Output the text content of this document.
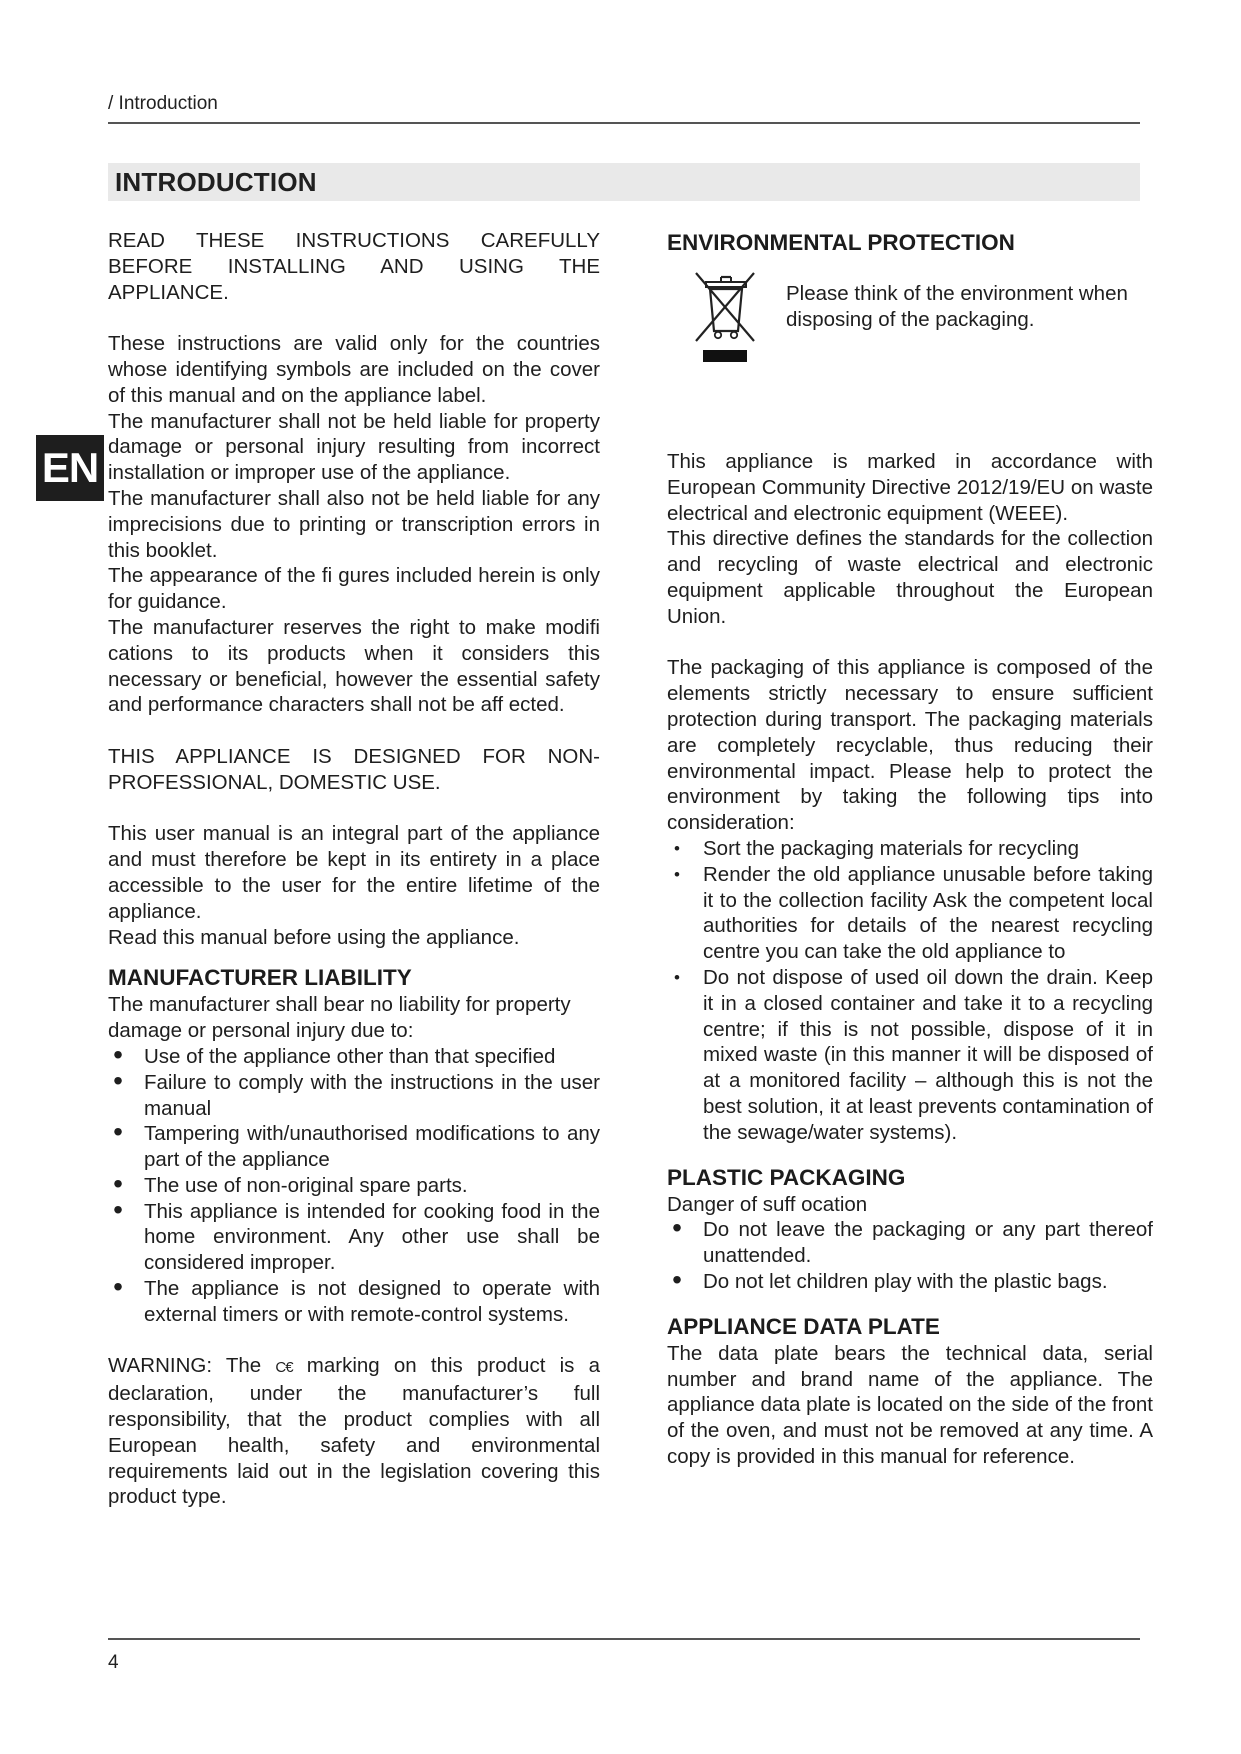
/ Introduction
INTRODUCTION
EN

READ THESE INSTRUCTIONS CAREFULLY BEFORE INSTALLING AND USING THE APPLIANCE.

These instructions are valid only for the countries whose identifying symbols are included on the cover of this manual and on the appliance label.

The manufacturer shall not be held liable for property damage or personal injury resulting from incorrect installation or improper use of the appliance.

The manufacturer shall also not be held liable for any imprecisions due to printing or transcription errors in this booklet.

The appearance of the fi gures included herein is only for guidance.

The manufacturer reserves the right to make modifi cations to its products when it considers this necessary or beneficial, however the essential safety and performance characters shall not be aff ected.

THIS APPLIANCE IS DESIGNED FOR NON-PROFESSIONAL, DOMESTIC USE.

This user manual is an integral part of the appliance and must therefore be kept in its entirety in a place accessible to the user for the entire lifetime of the appliance.

Read this manual before using the appliance.

MANUFACTURER LIABILITY

The manufacturer shall bear no liability for property damage or personal injury due to:

• Use of the appliance other than that specified
• Failure to comply with the instructions in the user manual
• Tampering with/unauthorised modifications to any part of the appliance
• The use of non-original spare parts.
• This appliance is intended for cooking food in the home environment. Any other use shall be considered improper.
• The appliance is not designed to operate with external timers or with remote-control systems.

WARNING: The C€ marking on this product is a declaration, under the manufacturer’s full responsibility, that the product complies with all European health, safety and environmental requirements laid out in the legislation covering this product type.

ENVIRONMENTAL PROTECTION
Please think of the environment when disposing of the packaging.

This appliance is marked in accordance with European Community Directive 2012/19/EU on waste electrical and electronic equipment (WEEE).

This directive defines the standards for the collection and recycling of waste electrical and electronic equipment applicable throughout the European Union.

The packaging of this appliance is composed of the elements strictly necessary to ensure sufficient protection during transport. The packaging materials are completely recyclable, thus reducing their environmental impact. Please help to protect the environment by taking the following tips into consideration:

•	Sort the packaging materials for recycling
•	Render the old appliance unusable before taking it to the collection facility Ask the competent local authorities for details of the nearest recycling centre you can take the old appliance to
•	Do not dispose of used oil down the drain. Keep it in a closed container and take it to a recycling centre; if this is not possible, dispose of it in mixed waste (in this manner it will be disposed of at a monitored facility – although this is not the best solution, it at least prevents contamination of the sewage/water systems).
PLASTIC PACKAGING

Danger of suff ocation

• Do not leave the packaging or any part thereof unattended.
• Do not let children play with the plastic bags.
APPLIANCE DATA PLATE

The data plate bears the technical data, serial number and brand name of the appliance. The appliance data plate is located on the side of the front of the oven, and must not be removed at any time. A copy is provided in this manual for reference.

4
